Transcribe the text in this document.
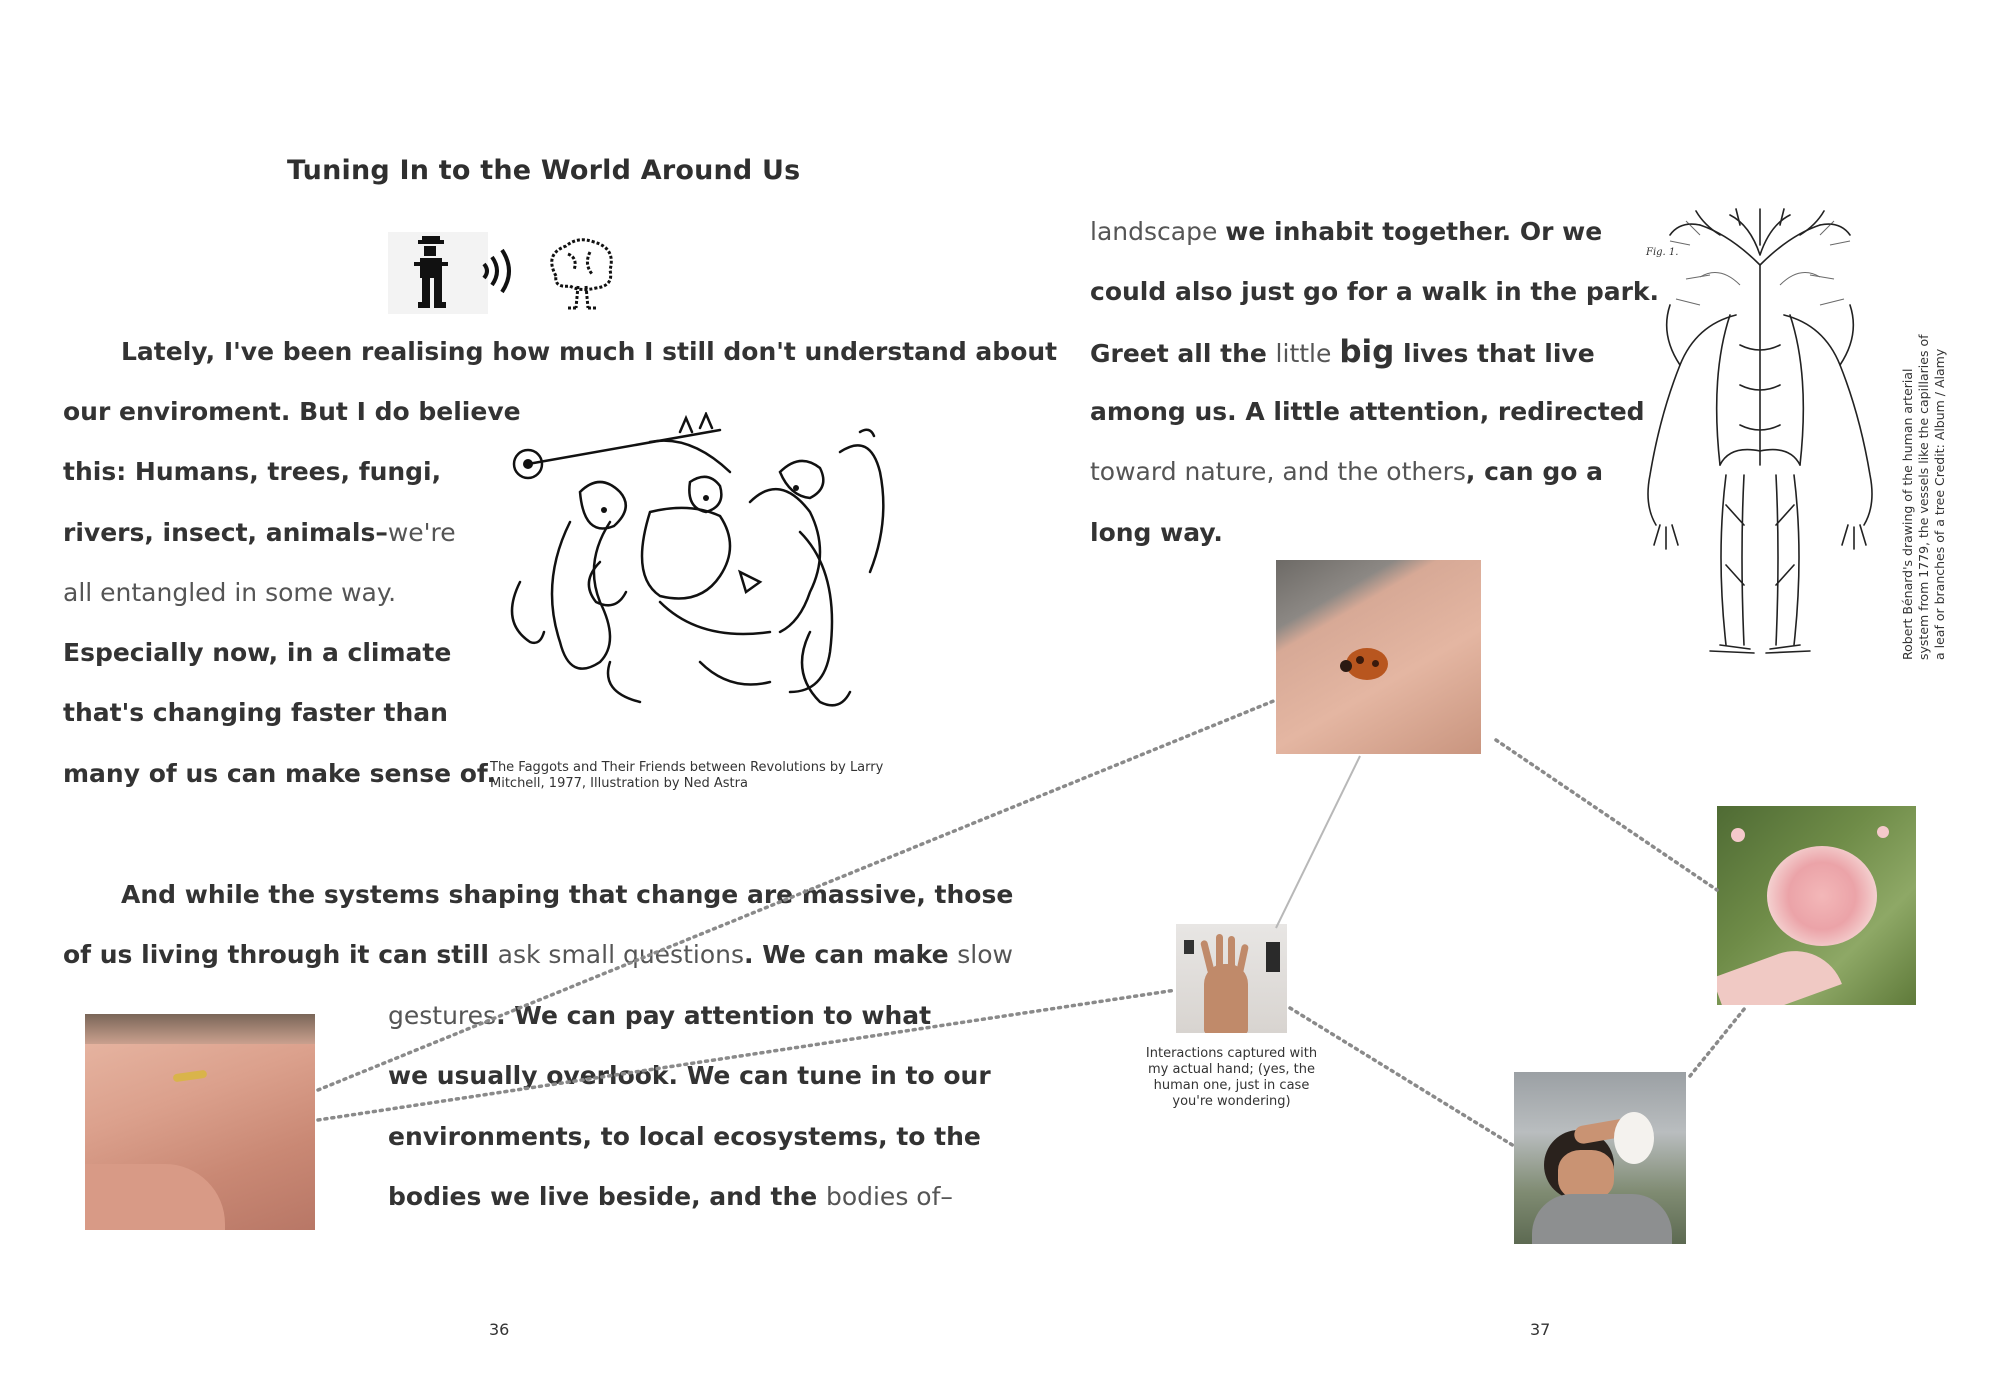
Tuning In to the World Around Us
Lately, I've been realising how much I still don't understand about
our enviroment. But I do believe
this: Humans, trees, fungi,
rivers, insect, animals–we're
all entangled in some way.
Especially now, in a climate
that's changing faster than
many of us can make sense of.
The Faggots and Their Friends between Revolutions by Larry Mitchell, 1977, Illustration by Ned Astra
And while the systems shaping that change are massive, those
of us living through it can still ask small questions. We can make slow
gestures. We can pay attention to what
we usually overlook. We can tune in to our
environments, to local ecosystems, to the
bodies we live beside, and the bodies of–
landscape we inhabit together. Or we
could also just go for a walk in the park.
Greet all the little big lives that live
among us. A little attention, redirected
toward nature, and the others, can go a
long way.
Fig. 1.
Robert Bénard's drawing of the human arterial system from 1779, the vessels like the capillaries of a leaf or branches of a tree Credit: Album / Alamy
Interactions captured with my actual hand; (yes, the human one, just in case you're wondering)
36	37
